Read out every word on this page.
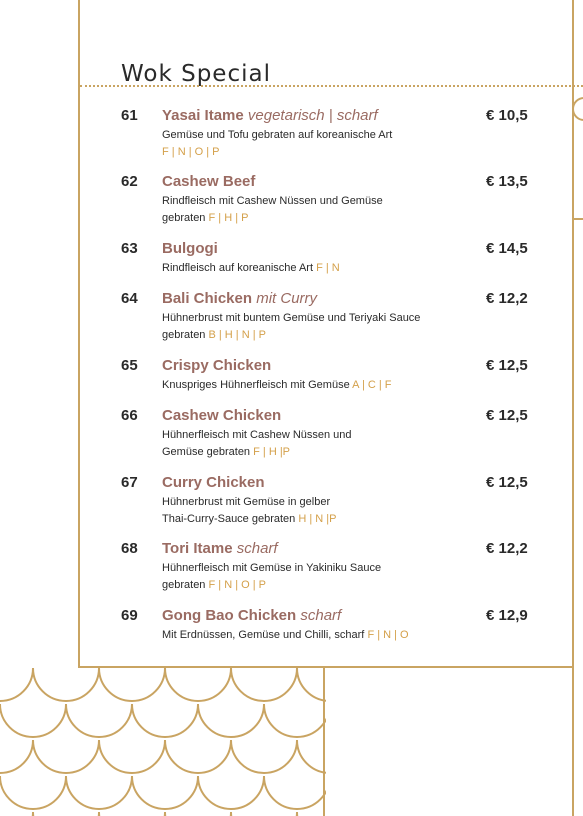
Wok Special
61 Yasai Itame vegetarisch | scharf
Gemüse und Tofu gebraten auf koreanische Art
F | N | O | P
€ 10,5
62 Cashew Beef
Rindfleisch mit Cashew Nüssen und Gemüse
gebraten F | H | P
€ 13,5
63 Bulgogi
Rindfleisch auf koreanische Art F | N
€ 14,5
64 Bali Chicken mit Curry
Hühnerbrust mit buntem Gemüse und Teriyaki Sauce
gebraten B | H | N | P
€ 12,2
65 Crispy Chicken
Knuspriges Hühnerfleisch mit Gemüse A | C | F
€ 12,5
66 Cashew Chicken
Hühnerfleisch mit Cashew Nüssen und
Gemüse gebraten F | H |P
€ 12,5
67 Curry Chicken
Hühnerbrust mit Gemüse in gelber
Thai-Curry-Sauce gebraten H | N |P
€ 12,5
68 Tori Itame scharf
Hühnerfleisch mit Gemüse in Yakiniku Sauce
gebraten F | N | O | P
€ 12,2
69 Gong Bao Chicken scharf
Mit Erdnüssen, Gemüse und Chilli, scharf F | N | O
€ 12,9
